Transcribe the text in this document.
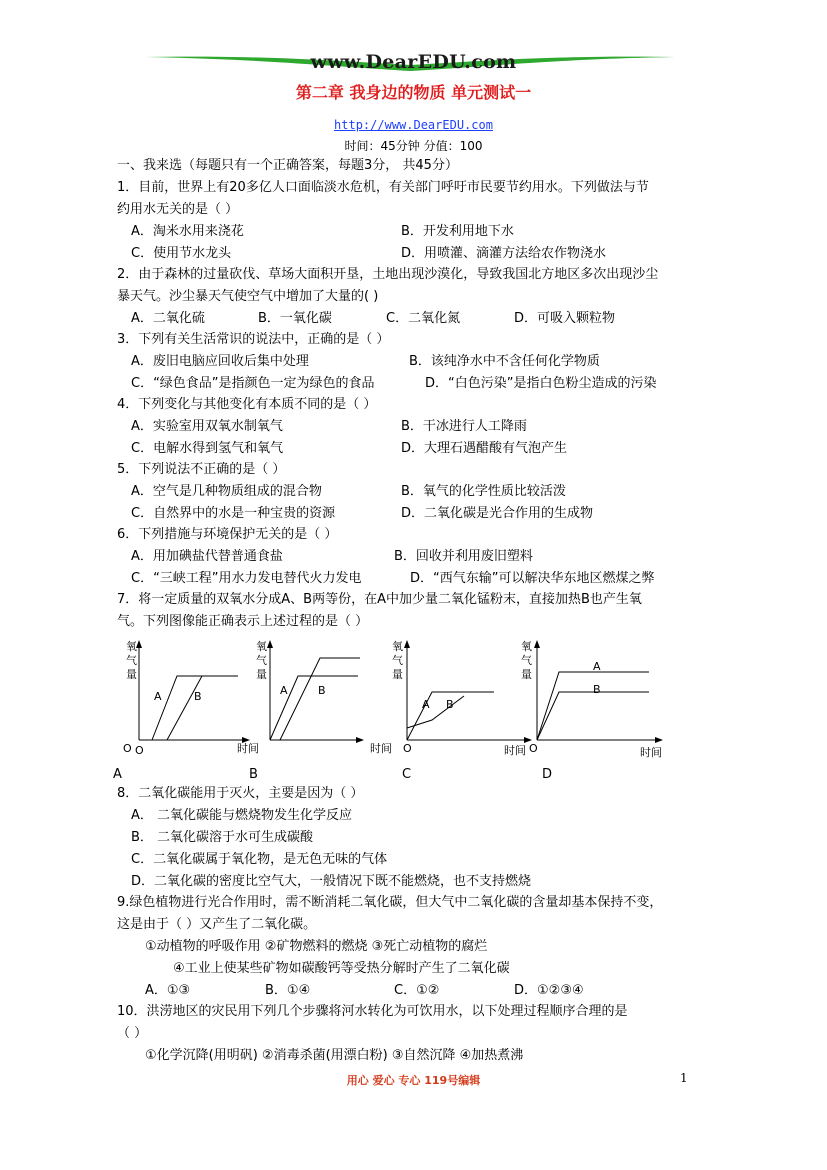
www.DearEDU.com
第二章 我身边的物质 单元测试一
http://www.DearEDU.com
时间：45分钟 分值：100
一、我来选（每题只有一个正确答案，每题3分， 共45分）
1．目前，世界上有20多亿人口面临淡水危机，有关部门呼吁市民要节约用水。下列做法与节
约用水无关的是（ ）
A．淘米水用来浇花	B．开发利用地下水
C．使用节水龙头	D．用喷灌、滴灌方法给农作物浇水
2．由于森林的过量砍伐、草场大面积开垦，土地出现沙漠化，导致我国北方地区多次出现沙尘
暴天气。沙尘暴天气使空气中增加了大量的( )
A．二氧化硫	B．一氧化碳	C．二氧化氮	D．可吸入颗粒物
3．下列有关生活常识的说法中，正确的是（ ）
A．废旧电脑应回收后集中处理	B．该纯净水中不含任何化学物质
C．“绿色食品”是指颜色一定为绿色的食品	D．“白色污染”是指白色粉尘造成的污染
4．下列变化与其他变化有本质不同的是（ ）
A．实验室用双氧水制氧气	B．干冰进行人工降雨
C．电解水得到氢气和氧气	D．大理石遇醋酸有气泡产生
5．下列说法不正确的是（ ）
A．空气是几种物质组成的混合物	B．氧气的化学性质比较活泼
C．自然界中的水是一种宝贵的资源	D．二氧化碳是光合作用的生成物
6．下列措施与环境保护无关的是（ ）
A．用加碘盐代替普通食盐	B．回收并利用废旧塑料
C．“三峡工程”用水力发电替代火力发电	D．“西气东输”可以解决华东地区燃煤之弊
7．将一定质量的双氧水分成A、B两等份，在A中加少量二氧化锰粉末，直接加热B也产生氧
气。下列图像能正确表示上述过程的是（ ）
氧
气
量
A	B
O
A
氧
气
量
A	B
时间
B
氧
气
量
A B
时间
O
C
O	时间
氧
气
量
A
B
O	时间
D
8．二氧化碳能用于灭火，主要是因为（ ）
A． 二氧化碳能与燃烧物发生化学反应
B． 二氧化碳溶于水可生成碳酸
C．二氧化碳属于氧化物，是无色无味的气体
D．二氧化碳的密度比空气大，一般情况下既不能燃烧，也不支持燃烧
9.绿色植物进行光合作用时，需不断消耗二氧化碳，但大气中二氧化碳的含量却基本保持不变，
这是由于（ ）又产生了二氧化碳。
①动植物的呼吸作用 ②矿物燃料的燃烧 ③死亡动植物的腐烂
④工业上使某些矿物如碳酸钙等受热分解时产生了二氧化碳
A．①③	B．①④	C．①②	D．①②③④
10．洪涝地区的灾民用下列几个步骤将河水转化为可饮用水，以下处理过程顺序合理的是
（ ）
①化学沉降(用明矾) ②消毒杀菌(用漂白粉) ③自然沉降 ④加热煮沸
用心 爱心 专心 119号编辑	1
